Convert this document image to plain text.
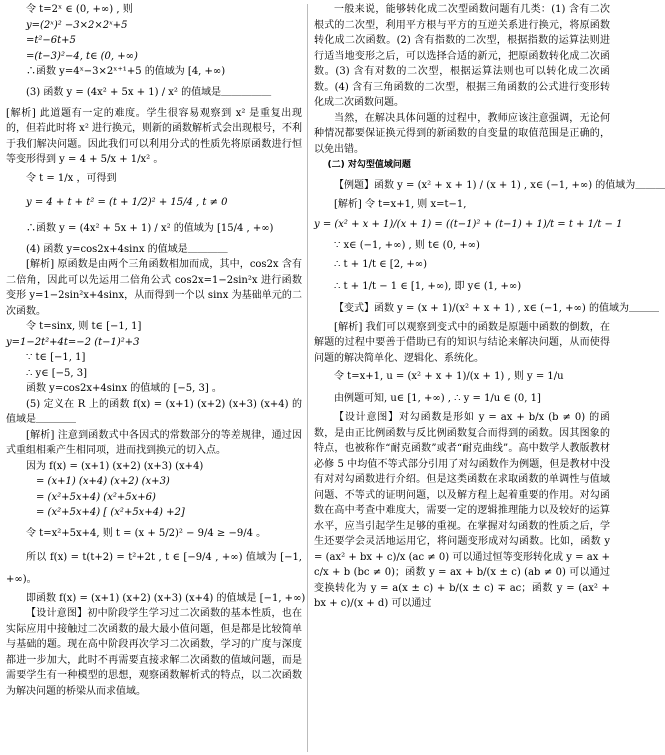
令 t=2ˣ ∈ (0, +∞) , 则
y=(2ˣ)² −3×2×2ˣ+5
=t²−6t+5
=(t−3)²−4, t∈ (0, +∞)
∴函数 y=4ˣ−3×2ˣ⁺¹+5 的值域为 [4, +∞)
(3) 函数 y = (4x² + 5x + 1) / x² 的值域是＿＿＿＿＿
[解析] 此道题有一定的难度。学生很容易观察到 x² 是重复出现的，但若此时将 x² 进行换元，则新的函数解析式会出现根号，不利于我们解决问题。因此我们可以利用分式的性质先将原函数进行恒等变形得到 y = 4 + 5/x + 1/x² 。
令 t = 1/x ，可得到
y = 4 + t + t² = (t + 1/2)² + 15/4 , t ≠ 0
∴函数 y = (4x² + 5x + 1) / x² 的值域为 [15/4 , +∞)
(4) 函数 y=cos2x+4sinx 的值域是＿＿＿＿
[解析] 原函数是由两个三角函数相加而成，其中，cos2x 含有二倍角，因此可以先运用二倍角公式 cos2x=1−2sin²x 进行函数变形 y=1−2sin²x+4sinx，从而得到一个以 sinx 为基础单元的二次函数。
令 t=sinx, 则 t∈ [−1, 1]
y=1−2t²+4t=−2 (t−1)²+3
∵ t∈ [−1, 1]
∴ y∈ [−5, 3]
函数 y=cos2x+4sinx 的值域的 [−5, 3] 。
(5) 定义在 R 上的函数 f(x) = (x+1) (x+2) (x+3) (x+4) 的值域是＿＿＿＿
[解析] 注意到函数式中各因式的常数部分的等差规律，通过因式重组相乘产生相同项，进而找到换元的切入点。
因为 f(x) = (x+1) (x+2) (x+3) (x+4)
= (x+1) (x+4) (x+2) (x+3)
= (x²+5x+4) (x²+5x+6)
= (x²+5x+4) [ (x²+5x+4) +2]
令 t=x²+5x+4, 则 t = (x + 5/2)² − 9/4 ≥ −9/4 。
所以 f(x) = t(t+2) = t²+2t , t ∈ [−9/4 , +∞) 值域为 [−1, +∞)。
即函数 f(x) = (x+1) (x+2) (x+3) (x+4) 的值域是 [−1, +∞)
【设计意图】初中阶段学生学习过二次函数的基本性质，也在实际应用中接触过二次函数的最大最小值问题，但是都是比较简单与基础的题。现在高中阶段再次学习二次函数，学习的广度与深度都进一步加大，此时不再需要直接求解二次函数的值域问题，而是需要学生有一种模型的思想，观察函数解析式的特点，以二次函数为解决问题的桥梁从而求值域。
一般来说，能够转化成二次型函数问题有几类：(1) 含有二次根式的二次型，利用平方根与平方的互逆关系进行换元，将原函数转化成二次函数。(2) 含有指数的二次型，根据指数的运算法则进行适当地变形之后，可以选择合适的新元，把原函数转化成二次函数。(3) 含有对数的二次型，根据运算法则也可以转化成二次函数。(4) 含有三角函数的二次型，根据三角函数的公式进行变形转化成二次函数问题。
当然，在解决具体问题的过程中，教师应该注意强调，无论何种情况都要保证换元得到的新函数的自变量的取值范围是正确的，以免出错。
(二) 对勾型值域问题
【例题】函数 y = (x² + x + 1) / (x + 1) , x∈ (−1, +∞) 的值域为＿＿＿
[解析] 令 t=x+1, 则 x=t−1,
y = (x² + x + 1)/(x + 1) = ((t−1)² + (t−1) + 1)/t = t + 1/t − 1
∵ x∈ (−1, +∞) , 则 t∈ (0, +∞)
∴ t + 1/t ∈ [2, +∞)
∴ t + 1/t − 1 ∈ [1, +∞), 即 y∈ (1, +∞)
【变式】函数 y = (x + 1)/(x² + x + 1) , x∈ (−1, +∞) 的值域为＿＿＿
[解析] 我们可以观察到变式中的函数是原题中函数的倒数，在解题的过程中要善于借助已有的知识与结论来解决问题，从而使得问题的解决简单化、逻辑化、系统化。
令 t=x+1, u = (x² + x + 1)/(x + 1) , 则 y = 1/u
由例题可知, u∈ [1, +∞) , ∴ y = 1/u ∈ (0, 1]
【设计意图】对勾函数是形如 y = ax + b/x (b ≠ 0) 的函数，是由正比例函数与反比例函数复合而得到的函数。因其图象的特点，也被称作“耐克函数”或者“耐克曲线”。高中数学人教版教材必修 5 中均值不等式部分引用了对勾函数作为例题，但是教材中没有对对勾函数进行介绍。但是这类函数在求取函数的单调性与值域问题、不等式的证明问题，以及解方程上起着重要的作用。对勾函数在高中考查中难度大，需要一定的逻辑推理能力以及较好的运算水平，应当引起学生足够的重视。在掌握对勾函数的性质之后，学生还要学会灵活地运用它，将问题变形成对勾函数。比如，函数 y = (ax² + bx + c)/x (ac ≠ 0) 可以通过恒等变形转化成 y = ax + c/x + b (bc ≠ 0)；函数 y = ax + b/(x ± c) (ab ≠ 0) 可以通过变换转化为 y = a(x ± c) + b/(x ± c) ∓ ac；函数 y = (ax² + bx + c)/(x + d) 可以通过
